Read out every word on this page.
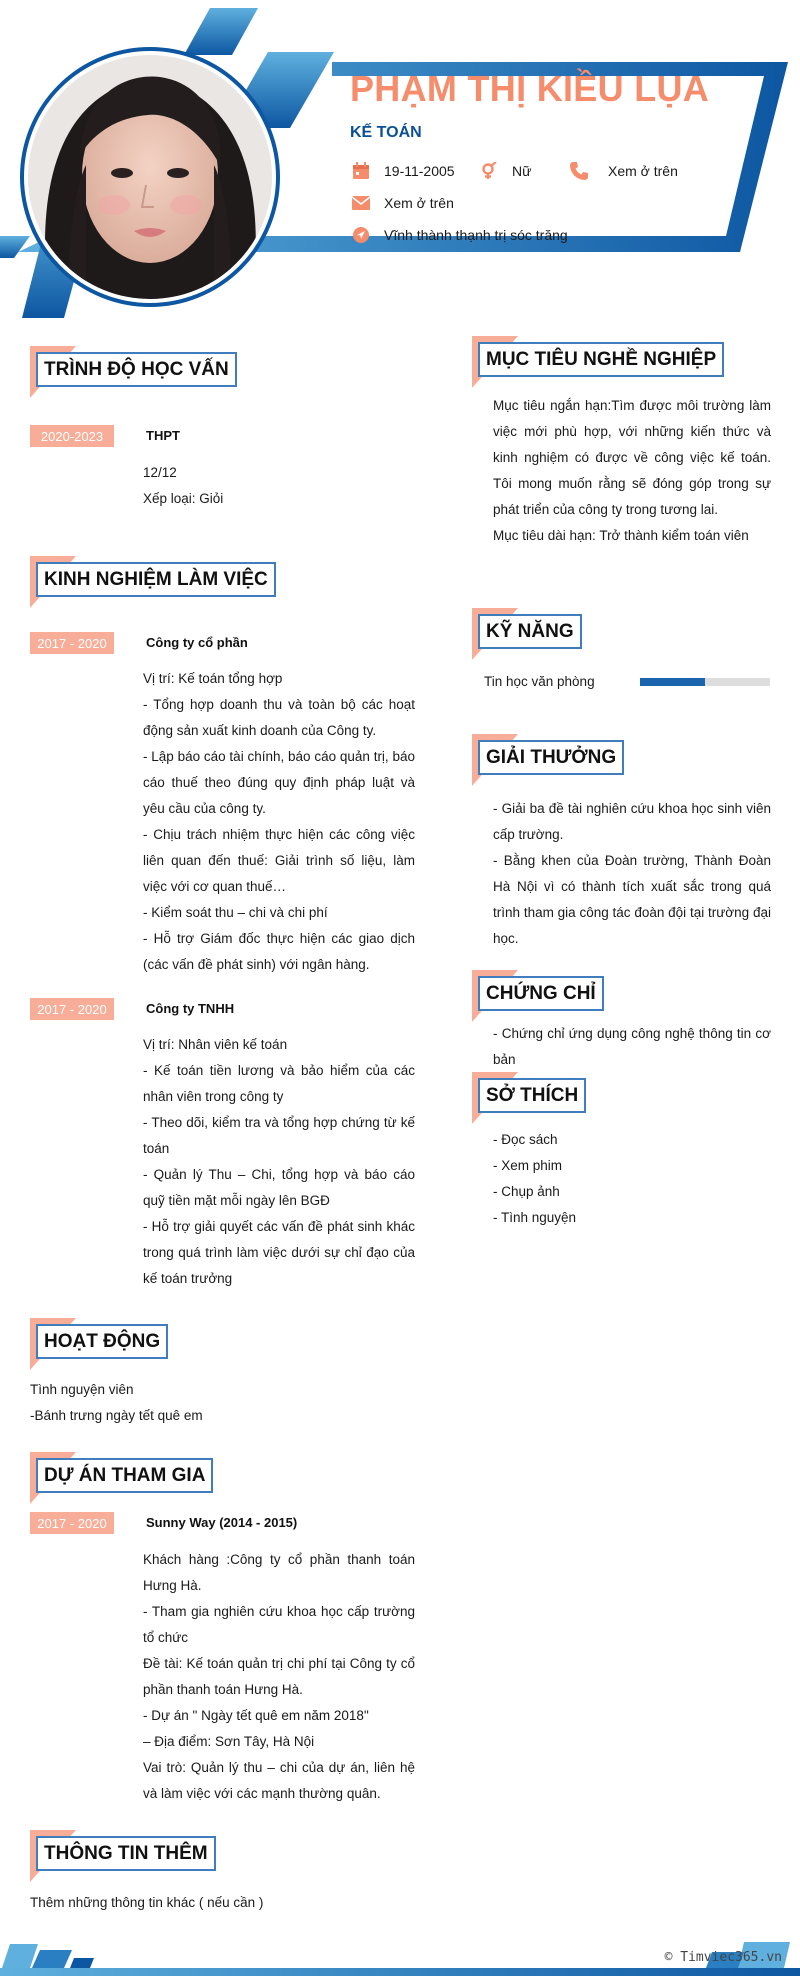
PHẠM THỊ KIỀU LỤA
KẾ TOÁN
19-11-2005	Nữ	Xem ở trên
Xem ở trên
Vĩnh thành thạnh trị sóc trăng
TRÌNH ĐỘ HỌC VẤN
2020-2023	THPT

12/12

Xếp loại: Giỏi

KINH NGHIỆM LÀM VIỆC
2017 - 2020	Công ty cổ phần

Vị trí: Kế toán tổng hợp

- Tổng hợp doanh thu và toàn bộ các hoạt động sản xuất kinh doanh của Công ty.

- Lập báo cáo tài chính, báo cáo quản trị, báo cáo thuế theo đúng quy định pháp luật và yêu cầu của công ty.

- Chịu trách nhiệm thực hiện các công việc liên quan đến thuế: Giải trình số liệu, làm việc với cơ quan thuế…

- Kiểm soát thu – chi và chi phí

- Hỗ trợ Giám đốc thực hiện các giao dịch (các vấn đề phát sinh) với ngân hàng.

2017 - 2020	Công ty TNHH

Vị trí: Nhân viên kế toán

- Kế toán tiền lương và bảo hiểm của các nhân viên trong công ty

- Theo dõi, kiểm tra và tổng hợp chứng từ kế toán

- Quản lý Thu – Chi, tổng hợp và báo cáo quỹ tiền mặt mỗi ngày lên BGĐ

- Hỗ trợ giải quyết các vấn đề phát sinh khác trong quá trình làm việc dưới sự chỉ đạo của kế toán trưởng

HOẠT ĐỘNG

Tình nguyện viên

-Bánh trưng ngày tết quê em

DỰ ÁN THAM GIA
2017 - 2020	Sunny Way (2014 - 2015)

Khách hàng :Công ty cổ phần thanh toán Hưng Hà.

- Tham gia nghiên cứu khoa học cấp trường tổ chức

Đề tài: Kế toán quản trị chi phí tại Công ty cổ phần thanh toán Hưng Hà.

- Dự án " Ngày tết quê em năm 2018"

– Địa điểm: Sơn Tây, Hà Nội

Vai trò: Quản lý thu – chi của dự án, liên hệ và làm việc với các mạnh thường quân.

THÔNG TIN THÊM
Thêm những thông tin khác ( nếu cần )
MỤC TIÊU NGHỀ NGHIỆP

Mục tiêu ngắn hạn:Tìm được môi trường làm việc mới phù hợp, với những kiến thức và kinh nghiệm có được về công việc kế toán. Tôi mong muốn rằng sẽ đóng góp trong sự phát triển của công ty trong tương lai.

Mục tiêu dài hạn: Trở thành kiểm toán viên

KỸ NĂNG
Tin học văn phòng
GIẢI THƯỞNG

- Giải ba đề tài nghiên cứu khoa học sinh viên cấp trường.

- Bằng khen của Đoàn trường, Thành Đoàn Hà Nội vì có thành tích xuất sắc trong quá trình tham gia công tác đoàn đội tại trường đại học.

CHỨNG CHỈ

- Chứng chỉ ứng dụng công nghệ thông tin cơ bản

SỞ THÍCH

- Đọc sách

- Xem phim

- Chụp ảnh

- Tình nguyện

© Timviec365.vn
